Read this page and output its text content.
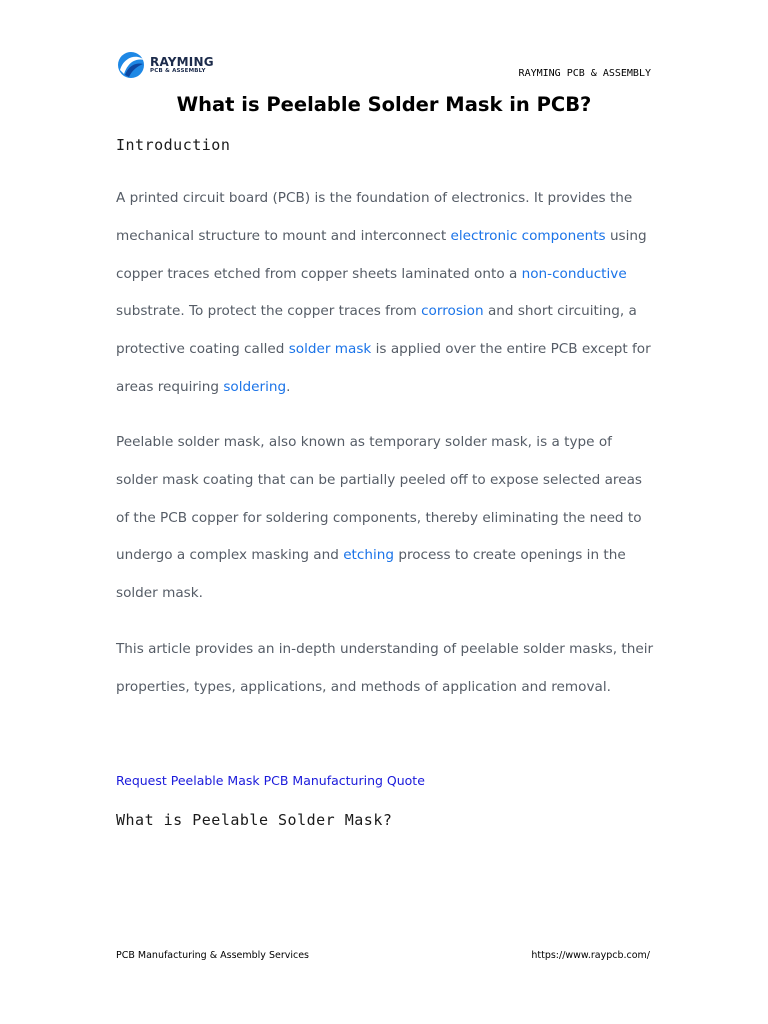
RAYMING
PCB & ASSEMBLY	RAYMING PCB & ASSEMBLY
What is Peelable Solder Mask in PCB?
Introduction

A printed circuit board (PCB) is the foundation of electronics. It provides the mechanical structure to mount and interconnect electronic components using copper traces etched from copper sheets laminated onto a non-conductive substrate. To protect the copper traces from corrosion and short circuiting, a protective coating called solder mask is applied over the entire PCB except for areas requiring soldering.

Peelable solder mask, also known as temporary solder mask, is a type of solder mask coating that can be partially peeled off to expose selected areas of the PCB copper for soldering components, thereby eliminating the need to undergo a complex masking and etching process to create openings in the solder mask.

This article provides an in-depth understanding of peelable solder masks, their properties, types, applications, and methods of application and removal.

Request Peelable Mask PCB Manufacturing Quote
What is Peelable Solder Mask?
PCB Manufacturing & Assembly Services	https://www.raypcb.com/
